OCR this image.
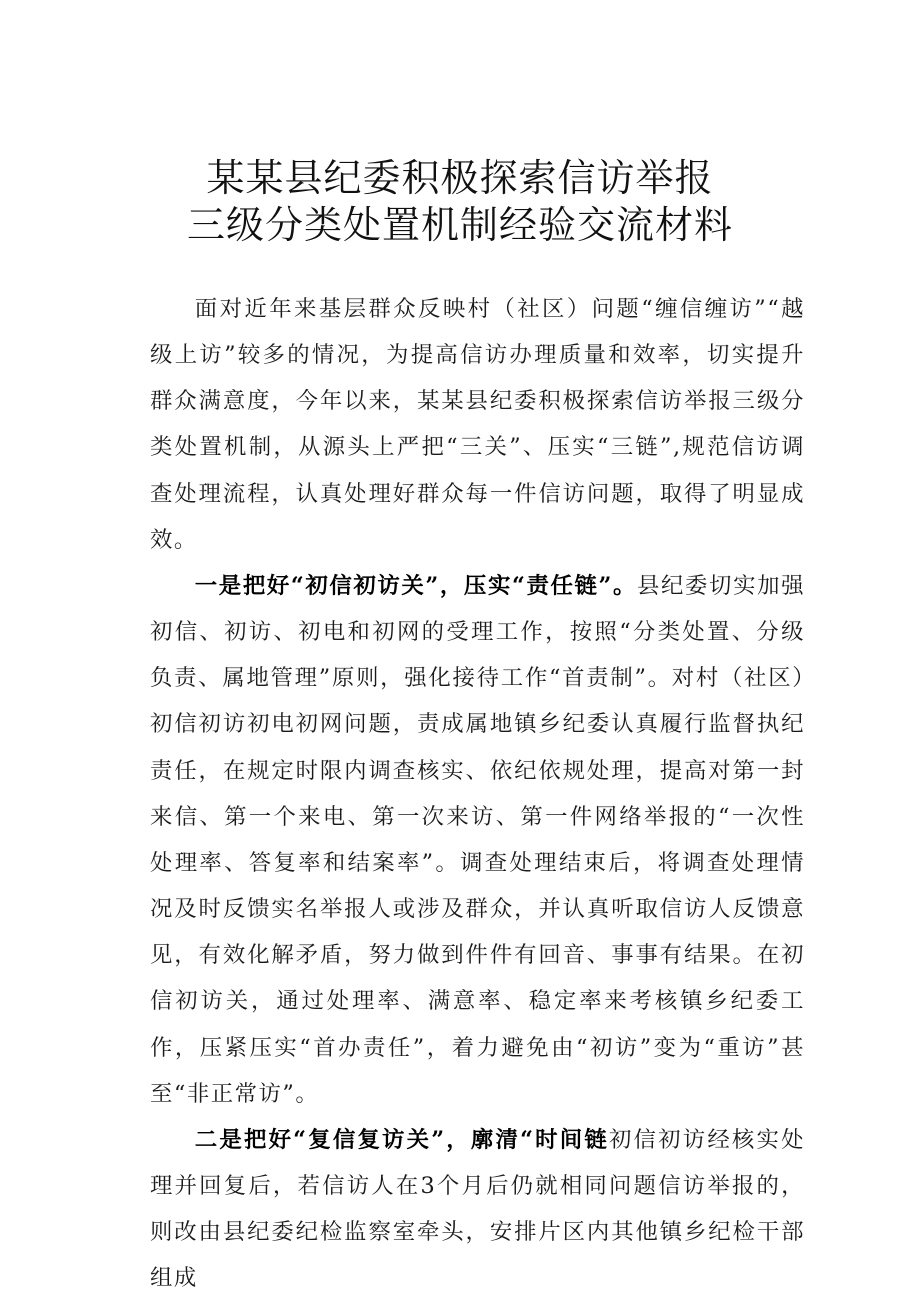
某某县纪委积极探索信访举报
三级分类处置机制经验交流材料

面对近年来基层群众反映村（社区）问题“缠信缠访”“越级上访”较多的情况，为提高信访办理质量和效率，切实提升群众满意度，今年以来，某某县纪委积极探索信访举报三级分类处置机制，从源头上严把“三关”、压实“三链”,规范信访调查处理流程，认真处理好群众每一件信访问题，取得了明显成效。

一是把好“初信初访关”，压实“责任链”。县纪委切实加强初信、初访、初电和初网的受理工作，按照“分类处置、分级负责、属地管理”原则，强化接待工作“首责制”。对村（社区）初信初访初电初网问题，责成属地镇乡纪委认真履行监督执纪责任，在规定时限内调查核实、依纪依规处理，提高对第一封来信、第一个来电、第一次来访、第一件网络举报的“一次性处理率、答复率和结案率”。调查处理结束后，将调查处理情况及时反馈实名举报人或涉及群众，并认真听取信访人反馈意见，有效化解矛盾，努力做到件件有回音、事事有结果。在初信初访关，通过处理率、满意率、稳定率来考核镇乡纪委工作，压紧压实“首办责任”，着力避免由“初访”变为“重访”甚至“非正常访”。

二是把好“复信复访关”，廓清“时间链初信初访经核实处理并回复后，若信访人在3个月后仍就相同问题信访举报的，则改由县纪委纪检监察室牵头，安排片区内其他镇乡纪检干部组成
